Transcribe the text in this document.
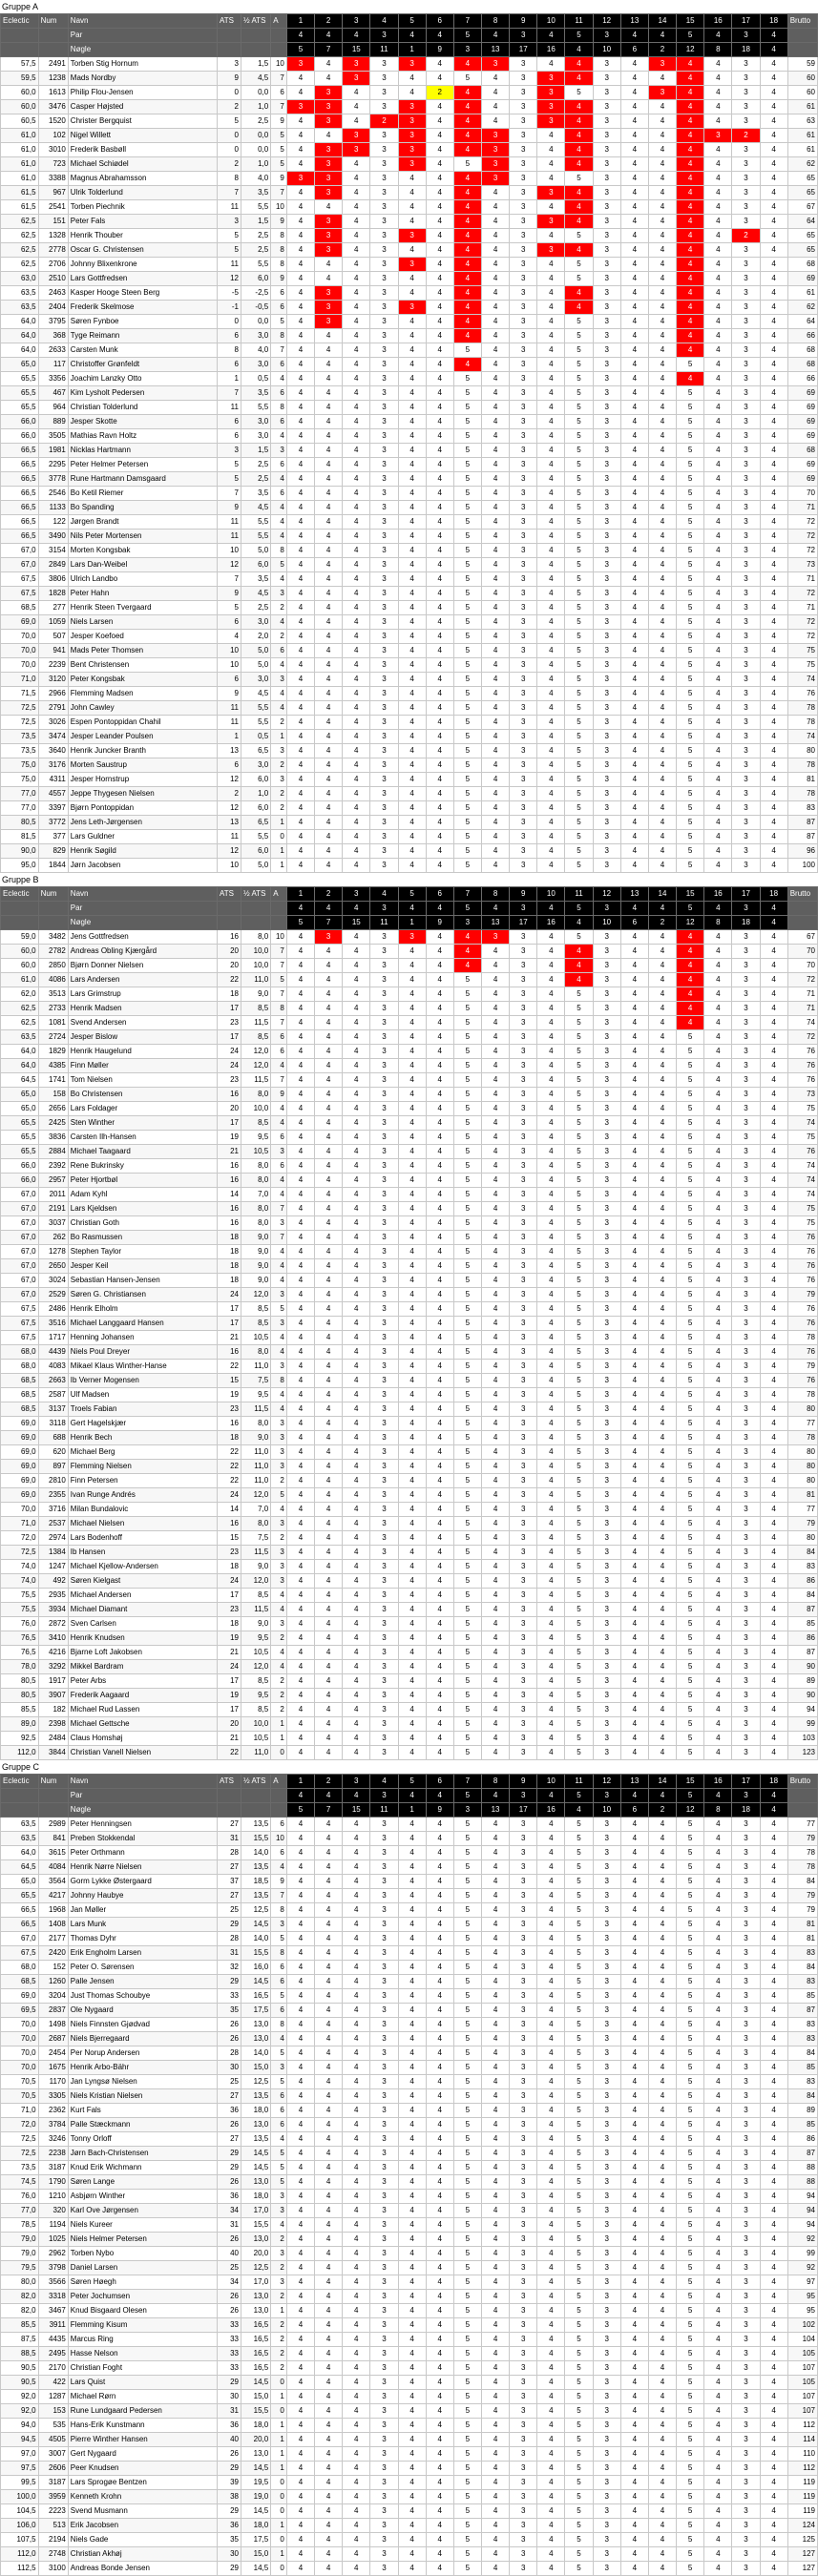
Gruppe A
Eclectic	Num	Navn	ATS	½ ATS	A	1	2	3	4	5	6	7	8	9	10	11	12	13	14	15	16	17	18	Brutto
		Par				4	4	4	3	4	4	5	4	3	4	5	3	4	4	5	4	3	4	
		Nøgle				5	7	15	11	1	9	3	13	17	16	4	10	6	2	12	8	18	4	
57,5	2491	Torben Stig Hornum	3	1,5	10	3	4	3	3	3	4	4	3	3	4	4	3	4	3	4	4	3	4	59
59,5	1238	Mads Nordby	9	4,5	7	4	4	3	3	4	4	5	4	3	3	4	3	4	4	4	4	3	4	60
60,0	1613	Philip Flou-Jensen	0	0,0	6	4	3	4	3	4	2	4	4	3	3	5	3	4	3	4	4	3	4	60
60,0	3476	Casper Højsted	2	1,0	7	3	3	4	3	3	4	4	4	3	3	4	3	4	4	4	4	3	4	61
60,5	1520	Christer Bergquist	5	2,5	9	4	3	4	2	3	4	4	4	3	3	4	3	4	4	4	4	3	4	63
61,0	102	Nigel Willett	0	0,0	5	4	4	3	3	3	4	4	3	3	4	4	3	4	4	4	3	2	4	61
61,0	3010	Frederik Basbøll	0	0,0	5	4	3	3	3	3	4	4	3	3	4	4	3	4	4	4	4	3	4	61
61,0	723	Michael Schiødel	2	1,0	5	4	3	4	3	3	4	5	3	3	4	4	3	4	4	4	4	3	4	62
61,0	3388	Magnus Abrahamsson	8	4,0	9	3	3	4	3	4	4	4	3	3	4	5	3	4	4	4	4	3	4	65
61,5	967	Ulrik Tolderlund	7	3,5	7	4	3	4	3	4	4	4	4	3	3	4	3	4	4	4	4	3	4	65
61,5	2541	Torben Piechnik	11	5,5	10	4	4	4	3	4	4	4	4	3	4	4	3	4	4	4	4	3	4	67
62,5	151	Peter Fals	3	1,5	9	4	3	4	3	4	4	4	4	3	3	4	3	4	4	4	4	3	4	64
62,5	1328	Henrik Thouber	5	2,5	8	4	3	4	3	3	4	4	4	3	4	5	3	4	4	4	4	2	4	65
62,5	2778	Oscar G. Christensen	5	2,5	8	4	3	4	3	4	4	4	4	3	3	4	3	4	4	4	4	3	4	65
62,5	2706	Johnny Blixenkrone	11	5,5	8	4	4	4	3	3	4	4	4	3	4	5	3	4	4	4	4	3	4	68
63,0	2510	Lars Gottfredsen	12	6,0	9	4	4	4	3	4	4	4	4	3	4	5	3	4	4	4	4	3	4	69
63,5	2463	Kasper Hooge Steen Berg	-5	-2,5	6	4	3	4	3	4	4	4	4	3	4	4	3	4	4	4	4	3	4	61
63,5	2404	Frederik Skelmose	-1	-0,5	6	4	3	4	3	3	4	4	4	3	4	4	3	4	4	4	4	3	4	62
64,0	3795	Søren Fynboe	0	0,0	5	4	3	4	3	4	4	4	4	3	4	5	3	4	4	4	4	3	4	64
64,0	368	Tyge Reimann	6	3,0	8	4	4	4	3	4	4	4	4	3	4	5	3	4	4	4	4	3	4	66
64,0	2633	Carsten Munk	8	4,0	7	4	4	4	3	4	4	5	4	3	4	5	3	4	4	4	4	3	4	68
65,0	117	Christoffer Grønfeldt	6	3,0	6	4	4	4	3	4	4	4	4	3	4	5	3	4	4	5	4	3	4	68
65,5	3356	Joachim Lanzky Otto	1	0,5	4	4	4	4	3	4	4	5	4	3	4	5	3	4	4	4	4	3	4	66
65,5	467	Kim Lysholt Pedersen	7	3,5	6	4	4	4	3	4	4	5	4	3	4	5	3	4	4	5	4	3	4	69
65,5	964	Christian Tolderlund	11	5,5	8	4	4	4	3	4	4	5	4	3	4	5	3	4	4	5	4	3	4	69
66,0	889	Jesper Skotte	6	3,0	6	4	4	4	3	4	4	5	4	3	4	5	3	4	4	5	4	3	4	69
66,0	3505	Mathias Ravn Holtz	6	3,0	4	4	4	4	3	4	4	5	4	3	4	5	3	4	4	5	4	3	4	69
66,5	1981	Nicklas Hartmann	3	1,5	3	4	4	4	3	4	4	5	4	3	4	5	3	4	4	5	4	3	4	68
66,5	2295	Peter Helmer Petersen	5	2,5	6	4	4	4	3	4	4	5	4	3	4	5	3	4	4	5	4	3	4	69
66,5	3778	Rune Hartmann Damsgaard	5	2,5	4	4	4	4	3	4	4	5	4	3	4	5	3	4	4	5	4	3	4	69
66,5	2546	Bo Ketil Riemer	7	3,5	6	4	4	4	3	4	4	5	4	3	4	5	3	4	4	5	4	3	4	70
66,5	1133	Bo Spanding	9	4,5	4	4	4	4	3	4	4	5	4	3	4	5	3	4	4	5	4	3	4	71
66,5	122	Jørgen Brandt	11	5,5	4	4	4	4	3	4	4	5	4	3	4	5	3	4	4	5	4	3	4	72
66,5	3490	Nils Peter Mortensen	11	5,5	4	4	4	4	3	4	4	5	4	3	4	5	3	4	4	5	4	3	4	72
67,0	3154	Morten Kongsbak	10	5,0	8	4	4	4	3	4	4	5	4	3	4	5	3	4	4	5	4	3	4	72
67,0	2849	Lars Dan-Weibel	12	6,0	5	4	4	4	3	4	4	5	4	3	4	5	3	4	4	5	4	3	4	73
67,5	3806	Ulrich Landbo	7	3,5	4	4	4	4	3	4	4	5	4	3	4	5	3	4	4	5	4	3	4	71
67,5	1828	Peter Hahn	9	4,5	3	4	4	4	3	4	4	5	4	3	4	5	3	4	4	5	4	3	4	72
68,5	277	Henrik Steen Tvergaard	5	2,5	2	4	4	4	3	4	4	5	4	3	4	5	3	4	4	5	4	3	4	71
69,0	1059	Niels Larsen	6	3,0	4	4	4	4	3	4	4	5	4	3	4	5	3	4	4	5	4	3	4	72
70,0	507	Jesper Koefoed	4	2,0	2	4	4	4	3	4	4	5	4	3	4	5	3	4	4	5	4	3	4	72
70,0	941	Mads Peter Thomsen	10	5,0	6	4	4	4	3	4	4	5	4	3	4	5	3	4	4	5	4	3	4	75
70,0	2239	Bent Christensen	10	5,0	4	4	4	4	3	4	4	5	4	3	4	5	3	4	4	5	4	3	4	75
71,0	3120	Peter Kongsbak	6	3,0	3	4	4	4	3	4	4	5	4	3	4	5	3	4	4	5	4	3	4	74
71,5	2966	Flemming Madsen	9	4,5	4	4	4	4	3	4	4	5	4	3	4	5	3	4	4	5	4	3	4	76
72,5	2791	John Cawley	11	5,5	4	4	4	4	3	4	4	5	4	3	4	5	3	4	4	5	4	3	4	78
72,5	3026	Espen Pontoppidan Chahil	11	5,5	2	4	4	4	3	4	4	5	4	3	4	5	3	4	4	5	4	3	4	78
73,5	3474	Jesper Leander Poulsen	1	0,5	1	4	4	4	3	4	4	5	4	3	4	5	3	4	4	5	4	3	4	74
73,5	3640	Henrik Juncker Branth	13	6,5	3	4	4	4	3	4	4	5	4	3	4	5	3	4	4	5	4	3	4	80
75,0	3176	Morten Saustrup	6	3,0	2	4	4	4	3	4	4	5	4	3	4	5	3	4	4	5	4	3	4	78
75,0	4311	Jesper Hornstrup	12	6,0	3	4	4	4	3	4	4	5	4	3	4	5	3	4	4	5	4	3	4	81
77,0	4557	Jeppe Thygesen Nielsen	2	1,0	2	4	4	4	3	4	4	5	4	3	4	5	3	4	4	5	4	3	4	78
77,0	3397	Bjørn Pontoppidan	12	6,0	2	4	4	4	3	4	4	5	4	3	4	5	3	4	4	5	4	3	4	83
80,5	3772	Jens Leth-Jørgensen	13	6,5	1	4	4	4	3	4	4	5	4	3	4	5	3	4	4	5	4	3	4	87
81,5	377	Lars Guldner	11	5,5	0	4	4	4	3	4	4	5	4	3	4	5	3	4	4	5	4	3	4	87
90,0	829	Henrik Søgild	12	6,0	1	4	4	4	3	4	4	5	4	3	4	5	3	4	4	5	4	3	4	96
95,0	1844	Jørn Jacobsen	10	5,0	1	4	4	4	3	4	4	5	4	3	4	5	3	4	4	5	4	3	4	100
Gruppe B
Eclectic	Num	Navn	ATS	½ ATS	A	1	2	3	4	5	6	7	8	9	10	11	12	13	14	15	16	17	18	Brutto
		Par				4	4	4	3	4	4	5	4	3	4	5	3	4	4	5	4	3	4	
		Nøgle				5	7	15	11	1	9	3	13	17	16	4	10	6	2	12	8	18	4	
59,0	3482	Jens Gottfredsen	16	8,0	10	4	3	4	3	3	4	4	3	3	4	5	3	4	4	4	4	3	4	67
60,0	2782	Andreas Obling Kjærgård	20	10,0	7	4	4	4	3	4	4	4	4	3	4	4	3	4	4	4	4	3	4	70
60,0	2850	Bjørn Donner Nielsen	20	10,0	7	4	4	4	3	4	4	4	4	3	4	4	3	4	4	4	4	3	4	70
61,0	4086	Lars Andersen	22	11,0	5	4	4	4	3	4	4	5	4	3	4	4	3	4	4	4	4	3	4	72
62,0	3513	Lars Grimstrup	18	9,0	7	4	4	4	3	4	4	5	4	3	4	5	3	4	4	4	4	3	4	71
62,5	2733	Henrik Madsen	17	8,5	8	4	4	4	3	4	4	5	4	3	4	5	3	4	4	4	4	3	4	71
62,5	1081	Svend Andersen	23	11,5	7	4	4	4	3	4	4	5	4	3	4	5	3	4	4	4	4	3	4	74
63,5	2724	Jesper Bislow	17	8,5	6	4	4	4	3	4	4	5	4	3	4	5	3	4	4	5	4	3	4	72
64,0	1829	Henrik Haugelund	24	12,0	6	4	4	4	3	4	4	5	4	3	4	5	3	4	4	5	4	3	4	76
64,0	4385	Finn Møller	24	12,0	4	4	4	4	3	4	4	5	4	3	4	5	3	4	4	5	4	3	4	76
64,5	1741	Tom Nielsen	23	11,5	7	4	4	4	3	4	4	5	4	3	4	5	3	4	4	5	4	3	4	76
65,0	158	Bo Christensen	16	8,0	9	4	4	4	3	4	4	5	4	3	4	5	3	4	4	5	4	3	4	73
65,0	2656	Lars Foldager	20	10,0	4	4	4	4	3	4	4	5	4	3	4	5	3	4	4	5	4	3	4	75
65,5	2425	Sten Winther	17	8,5	4	4	4	4	3	4	4	5	4	3	4	5	3	4	4	5	4	3	4	74
65,5	3836	Carsten Ilh-Hansen	19	9,5	6	4	4	4	3	4	4	5	4	3	4	5	3	4	4	5	4	3	4	75
65,5	2884	Michael Taagaard	21	10,5	3	4	4	4	3	4	4	5	4	3	4	5	3	4	4	5	4	3	4	76
66,0	2392	Rene Bukrinsky	16	8,0	6	4	4	4	3	4	4	5	4	3	4	5	3	4	4	5	4	3	4	74
66,0	2957	Peter Hjortbøl	16	8,0	4	4	4	4	3	4	4	5	4	3	4	5	3	4	4	5	4	3	4	74
67,0	2011	Adam Kyhl	14	7,0	4	4	4	4	3	4	4	5	4	3	4	5	3	4	4	5	4	3	4	74
67,0	2191	Lars Kjeldsen	16	8,0	7	4	4	4	3	4	4	5	4	3	4	5	3	4	4	5	4	3	4	75
67,0	3037	Christian Goth	16	8,0	3	4	4	4	3	4	4	5	4	3	4	5	3	4	4	5	4	3	4	75
67,0	262	Bo Rasmussen	18	9,0	7	4	4	4	3	4	4	5	4	3	4	5	3	4	4	5	4	3	4	76
67,0	1278	Stephen Taylor	18	9,0	4	4	4	4	3	4	4	5	4	3	4	5	3	4	4	5	4	3	4	76
67,0	2650	Jesper Keil	18	9,0	4	4	4	4	3	4	4	5	4	3	4	5	3	4	4	5	4	3	4	76
67,0	3024	Sebastian Hansen-Jensen	18	9,0	4	4	4	4	3	4	4	5	4	3	4	5	3	4	4	5	4	3	4	76
67,0	2529	Søren G. Christiansen	24	12,0	3	4	4	4	3	4	4	5	4	3	4	5	3	4	4	5	4	3	4	79
67,5	2486	Henrik Elholm	17	8,5	5	4	4	4	3	4	4	5	4	3	4	5	3	4	4	5	4	3	4	76
67,5	3516	Michael Langgaard Hansen	17	8,5	3	4	4	4	3	4	4	5	4	3	4	5	3	4	4	5	4	3	4	76
67,5	1717	Henning Johansen	21	10,5	4	4	4	4	3	4	4	5	4	3	4	5	3	4	4	5	4	3	4	78
68,0	4439	Niels Poul Dreyer	16	8,0	4	4	4	4	3	4	4	5	4	3	4	5	3	4	4	5	4	3	4	76
68,0	4083	Mikael Klaus Winther-Hanse	22	11,0	3	4	4	4	3	4	4	5	4	3	4	5	3	4	4	5	4	3	4	79
68,5	2663	Ib Verner Mogensen	15	7,5	8	4	4	4	3	4	4	5	4	3	4	5	3	4	4	5	4	3	4	76
68,5	2587	Ulf Madsen	19	9,5	4	4	4	4	3	4	4	5	4	3	4	5	3	4	4	5	4	3	4	78
68,5	3137	Troels Fabian	23	11,5	4	4	4	4	3	4	4	5	4	3	4	5	3	4	4	5	4	3	4	80
69,0	3118	Gert Hagelskjær	16	8,0	3	4	4	4	3	4	4	5	4	3	4	5	3	4	4	5	4	3	4	77
69,0	688	Henrik Bech	18	9,0	3	4	4	4	3	4	4	5	4	3	4	5	3	4	4	5	4	3	4	78
69,0	620	Michael Berg	22	11,0	3	4	4	4	3	4	4	5	4	3	4	5	3	4	4	5	4	3	4	80
69,0	897	Flemming Nielsen	22	11,0	3	4	4	4	3	4	4	5	4	3	4	5	3	4	4	5	4	3	4	80
69,0	2810	Finn Petersen	22	11,0	2	4	4	4	3	4	4	5	4	3	4	5	3	4	4	5	4	3	4	80
69,0	2355	Ivan Runge Andrés	24	12,0	5	4	4	4	3	4	4	5	4	3	4	5	3	4	4	5	4	3	4	81
70,0	3716	Milan Bundalovic	14	7,0	4	4	4	4	3	4	4	5	4	3	4	5	3	4	4	5	4	3	4	77
71,0	2537	Michael Nielsen	16	8,0	3	4	4	4	3	4	4	5	4	3	4	5	3	4	4	5	4	3	4	79
72,0	2974	Lars Bodenhoff	15	7,5	2	4	4	4	3	4	4	5	4	3	4	5	3	4	4	5	4	3	4	80
72,5	1384	Ib Hansen	23	11,5	3	4	4	4	3	4	4	5	4	3	4	5	3	4	4	5	4	3	4	84
74,0	1247	Michael Kjellow-Andersen	18	9,0	3	4	4	4	3	4	4	5	4	3	4	5	3	4	4	5	4	3	4	83
74,0	492	Søren Kielgast	24	12,0	3	4	4	4	3	4	4	5	4	3	4	5	3	4	4	5	4	3	4	86
75,5	2935	Michael Andersen	17	8,5	4	4	4	4	3	4	4	5	4	3	4	5	3	4	4	5	4	3	4	84
75,5	3934	Michael Diamant	23	11,5	4	4	4	4	3	4	4	5	4	3	4	5	3	4	4	5	4	3	4	87
76,0	2872	Sven Carlsen	18	9,0	3	4	4	4	3	4	4	5	4	3	4	5	3	4	4	5	4	3	4	85
76,5	3410	Henrik Knudsen	19	9,5	2	4	4	4	3	4	4	5	4	3	4	5	3	4	4	5	4	3	4	86
76,5	4216	Bjarne Loft Jakobsen	21	10,5	4	4	4	4	3	4	4	5	4	3	4	5	3	4	4	5	4	3	4	87
78,0	3292	Mikkel Bardram	24	12,0	4	4	4	4	3	4	4	5	4	3	4	5	3	4	4	5	4	3	4	90
80,5	1917	Peter Arbs	17	8,5	2	4	4	4	3	4	4	5	4	3	4	5	3	4	4	5	4	3	4	89
80,5	3907	Frederik Aagaard	19	9,5	2	4	4	4	3	4	4	5	4	3	4	5	3	4	4	5	4	3	4	90
85,5	182	Michael Rud Lassen	17	8,5	2	4	4	4	3	4	4	5	4	3	4	5	3	4	4	5	4	3	4	94
89,0	2398	Michael Gettsche	20	10,0	1	4	4	4	3	4	4	5	4	3	4	5	3	4	4	5	4	3	4	99
92,5	2484	Claus Homshøj	21	10,5	1	4	4	4	3	4	4	5	4	3	4	5	3	4	4	5	4	3	4	103
112,0	3844	Christian Vanell Nielsen	22	11,0	0	4	4	4	3	4	4	5	4	3	4	5	3	4	4	5	4	3	4	123
Gruppe C
Eclectic	Num	Navn	ATS	½ ATS	A	1	2	3	4	5	6	7	8	9	10	11	12	13	14	15	16	17	18	Brutto
		Par				4	4	4	3	4	4	5	4	3	4	5	3	4	4	5	4	3	4	
		Nøgle				5	7	15	11	1	9	3	13	17	16	4	10	6	2	12	8	18	4	
63,5	2989	Peter Henningsen	27	13,5	6	4	4	4	3	4	4	5	4	3	4	5	3	4	4	5	4	3	4	77
63,5	841	Preben Stokkendal	31	15,5	10	4	4	4	3	4	4	5	4	3	4	5	3	4	4	5	4	3	4	79
64,0	3615	Peter Orthmann	28	14,0	6	4	4	4	3	4	4	5	4	3	4	5	3	4	4	5	4	3	4	78
64,5	4084	Henrik Nørre Nielsen	27	13,5	4	4	4	4	3	4	4	5	4	3	4	5	3	4	4	5	4	3	4	78
65,0	3564	Gorm Lykke Østergaard	37	18,5	9	4	4	4	3	4	4	5	4	3	4	5	3	4	4	5	4	3	4	84
65,5	4217	Johnny Haubye	27	13,5	7	4	4	4	3	4	4	5	4	3	4	5	3	4	4	5	4	3	4	79
66,5	1968	Jan Møller	25	12,5	8	4	4	4	3	4	4	5	4	3	4	5	3	4	4	5	4	3	4	79
66,5	1408	Lars Munk	29	14,5	3	4	4	4	3	4	4	5	4	3	4	5	3	4	4	5	4	3	4	81
67,0	2177	Thomas Dyhr	28	14,0	5	4	4	4	3	4	4	5	4	3	4	5	3	4	4	5	4	3	4	81
67,5	2420	Erik Engholm Larsen	31	15,5	8	4	4	4	3	4	4	5	4	3	4	5	3	4	4	5	4	3	4	83
68,0	152	Peter O. Sørensen	32	16,0	6	4	4	4	3	4	4	5	4	3	4	5	3	4	4	5	4	3	4	84
68,5	1260	Palle Jensen	29	14,5	6	4	4	4	3	4	4	5	4	3	4	5	3	4	4	5	4	3	4	83
69,0	3204	Just Thomas Schoubye	33	16,5	5	4	4	4	3	4	4	5	4	3	4	5	3	4	4	5	4	3	4	85
69,5	2837	Ole Nygaard	35	17,5	6	4	4	4	3	4	4	5	4	3	4	5	3	4	4	5	4	3	4	87
70,0	1498	Niels Finnsten Gjødvad	26	13,0	8	4	4	4	3	4	4	5	4	3	4	5	3	4	4	5	4	3	4	83
70,0	2687	Niels Bjerregaard	26	13,0	4	4	4	4	3	4	4	5	4	3	4	5	3	4	4	5	4	3	4	83
70,0	2454	Per Norup Andersen	28	14,0	5	4	4	4	3	4	4	5	4	3	4	5	3	4	4	5	4	3	4	84
70,0	1675	Henrik Arbo-Bähr	30	15,0	3	4	4	4	3	4	4	5	4	3	4	5	3	4	4	5	4	3	4	85
70,5	1170	Jan Lyngsø Nielsen	25	12,5	5	4	4	4	3	4	4	5	4	3	4	5	3	4	4	5	4	3	4	83
70,5	3305	Niels Kristian Nielsen	27	13,5	6	4	4	4	3	4	4	5	4	3	4	5	3	4	4	5	4	3	4	84
71,0	2362	Kurt Fals	36	18,0	6	4	4	4	3	4	4	5	4	3	4	5	3	4	4	5	4	3	4	89
72,0	3784	Palle Stæckmann	26	13,0	6	4	4	4	3	4	4	5	4	3	4	5	3	4	4	5	4	3	4	85
72,5	3246	Tonny Orloff	27	13,5	4	4	4	4	3	4	4	5	4	3	4	5	3	4	4	5	4	3	4	86
72,5	2238	Jørn Bach-Christensen	29	14,5	5	4	4	4	3	4	4	5	4	3	4	5	3	4	4	5	4	3	4	87
73,5	3187	Knud Erik Wichmann	29	14,5	5	4	4	4	3	4	4	5	4	3	4	5	3	4	4	5	4	3	4	88
74,5	1790	Søren Lange	26	13,0	5	4	4	4	3	4	4	5	4	3	4	5	3	4	4	5	4	3	4	88
76,0	1210	Asbjørn Winther	36	18,0	3	4	4	4	3	4	4	5	4	3	4	5	3	4	4	5	4	3	4	94
77,0	320	Karl Ove Jørgensen	34	17,0	3	4	4	4	3	4	4	5	4	3	4	5	3	4	4	5	4	3	4	94
78,5	1194	Niels Kureer	31	15,5	4	4	4	4	3	4	4	5	4	3	4	5	3	4	4	5	4	3	4	94
79,0	1025	Niels Helmer Petersen	26	13,0	2	4	4	4	3	4	4	5	4	3	4	5	3	4	4	5	4	3	4	92
79,0	2962	Torben Nybo	40	20,0	3	4	4	4	3	4	4	5	4	3	4	5	3	4	4	5	4	3	4	99
79,5	3798	Daniel Larsen	25	12,5	2	4	4	4	3	4	4	5	4	3	4	5	3	4	4	5	4	3	4	92
80,0	3566	Søren Høegh	34	17,0	3	4	4	4	3	4	4	5	4	3	4	5	3	4	4	5	4	3	4	97
82,0	3318	Peter Jochumsen	26	13,0	2	4	4	4	3	4	4	5	4	3	4	5	3	4	4	5	4	3	4	95
82,0	3467	Knud Bisgaard Olesen	26	13,0	1	4	4	4	3	4	4	5	4	3	4	5	3	4	4	5	4	3	4	95
85,5	3911	Flemming Kisum	33	16,5	2	4	4	4	3	4	4	5	4	3	4	5	3	4	4	5	4	3	4	102
87,5	4435	Marcus Ring	33	16,5	2	4	4	4	3	4	4	5	4	3	4	5	3	4	4	5	4	3	4	104
88,5	2495	Hasse Nelson	33	16,5	2	4	4	4	3	4	4	5	4	3	4	5	3	4	4	5	4	3	4	105
90,5	2170	Christian Foght	33	16,5	2	4	4	4	3	4	4	5	4	3	4	5	3	4	4	5	4	3	4	107
90,5	422	Lars Quist	29	14,5	0	4	4	4	3	4	4	5	4	3	4	5	3	4	4	5	4	3	4	105
92,0	1287	Michael Rørn	30	15,0	1	4	4	4	3	4	4	5	4	3	4	5	3	4	4	5	4	3	4	107
92,0	153	Rune Lundgaard Pedersen	31	15,5	0	4	4	4	3	4	4	5	4	3	4	5	3	4	4	5	4	3	4	107
94,0	535	Hans-Erik Kunstmann	36	18,0	1	4	4	4	3	4	4	5	4	3	4	5	3	4	4	5	4	3	4	112
94,5	4505	Pierre Winther Hansen	40	20,0	1	4	4	4	3	4	4	5	4	3	4	5	3	4	4	5	4	3	4	114
97,0	3007	Gert Nygaard	26	13,0	1	4	4	4	3	4	4	5	4	3	4	5	3	4	4	5	4	3	4	110
97,5	2606	Peer Knudsen	29	14,5	1	4	4	4	3	4	4	5	4	3	4	5	3	4	4	5	4	3	4	112
99,5	3187	Lars Sprogøe Bentzen	39	19,5	0	4	4	4	3	4	4	5	4	3	4	5	3	4	4	5	4	3	4	119
100,0	3959	Kenneth Krohn	38	19,0	0	4	4	4	3	4	4	5	4	3	4	5	3	4	4	5	4	3	4	119
104,5	2223	Svend Musmann	29	14,5	0	4	4	4	3	4	4	5	4	3	4	5	3	4	4	5	4	3	4	119
106,0	513	Erik Jacobsen	36	18,0	1	4	4	4	3	4	4	5	4	3	4	5	3	4	4	5	4	3	4	124
107,5	2194	Niels Gade	35	17,5	0	4	4	4	3	4	4	5	4	3	4	5	3	4	4	5	4	3	4	125
112,0	2748	Christian Akhøj	30	15,0	1	4	4	4	3	4	4	5	4	3	4	5	3	4	4	5	4	3	4	127
112,5	3100	Andreas Bonde Jensen	29	14,5	0	4	4	4	3	4	4	5	4	3	4	5	3	4	4	5	4	3	4	127
